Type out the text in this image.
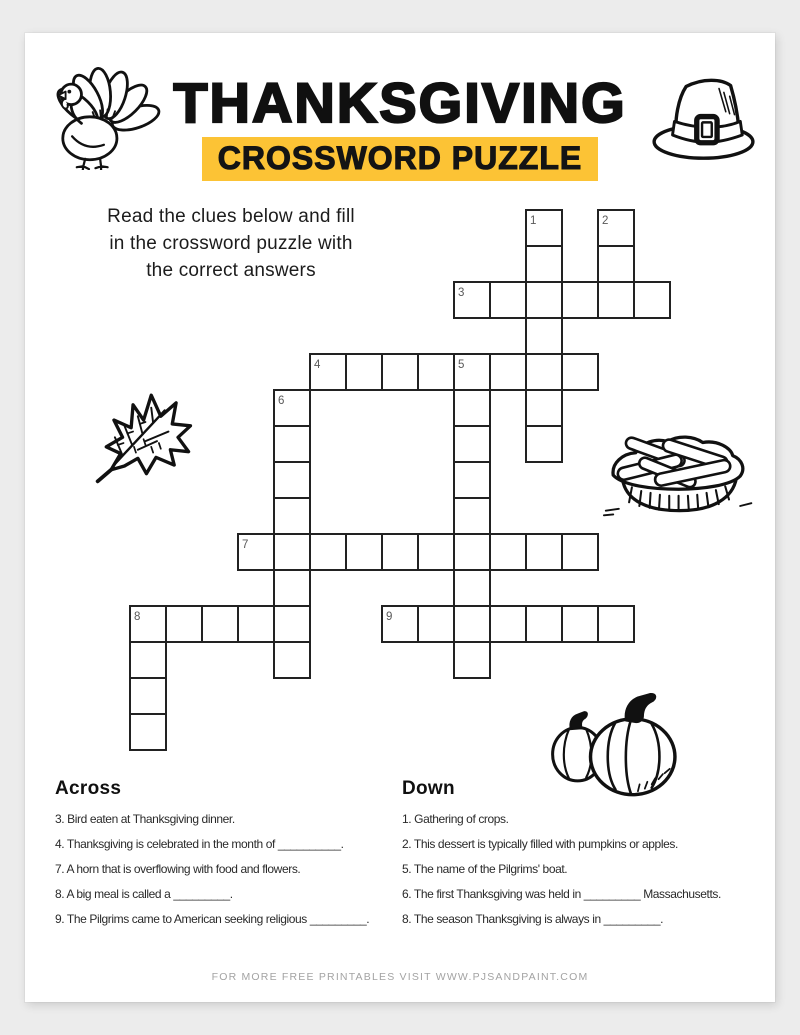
THANKSGIVING
CROSSWORD PUZZLE
Read the clues below and fill
in the crossword puzzle with
the correct answers
1	2
3
4	5
6
7
8	9
Across
3. Bird eaten at Thanksgiving dinner.
4. Thanksgiving is celebrated in the month of __________.
7. A horn that is overflowing with food and flowers.
8. A big meal is called a _________.
9. The Pilgrims came to American seeking religious _________.
Down
1. Gathering of crops.
2. This dessert is typically filled with pumpkins or apples.
5. The name of the Pilgrims' boat.
6. The first Thanksgiving was held in _________ Massachusetts.
8. The season Thanksgiving is always in _________.
FOR MORE FREE PRINTABLES VISIT WWW.PJSANDPAINT.COM
